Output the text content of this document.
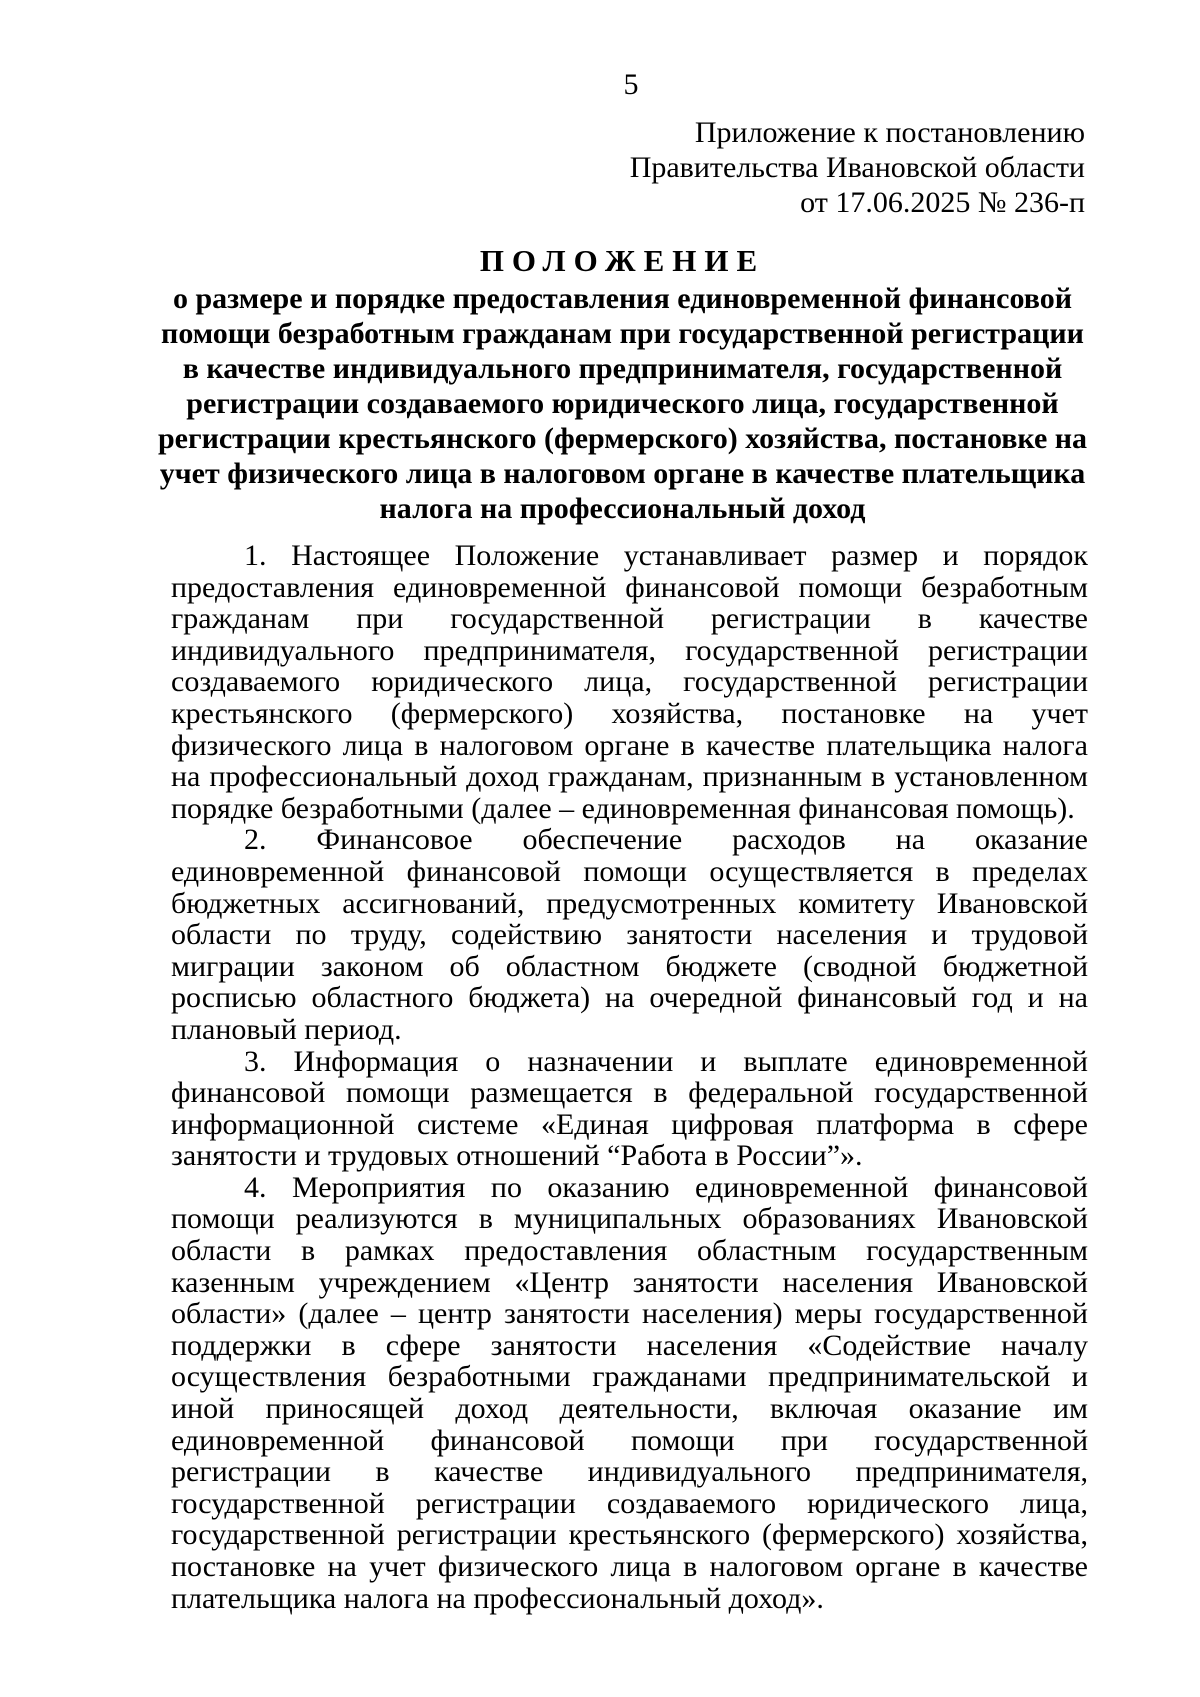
5
Приложение к постановлению
Правительства Ивановской области
от 17.06.2025 № 236-п
ПОЛОЖЕНИЕ
о размере и порядке предоставления единовременной финансовой помощи безработным гражданам при государственной регистрации в качестве индивидуального предпринимателя, государственной регистрации создаваемого юридического лица, государственной регистрации крестьянского (фермерского) хозяйства, постановке на учет физического лица в налоговом органе в качестве плательщика налога на профессиональный доход

1. Настоящее Положение устанавливает размер и порядок предоставления единовременной финансовой помощи безработным гражданам при государственной регистрации в качестве индивидуального предпринимателя, государственной регистрации создаваемого юридического лица, государственной регистрации крестьянского (фермерского) хозяйства, постановке на учет физического лица в налоговом органе в качестве плательщика налога на профессиональный доход гражданам, признанным в установленном порядке безработными (далее – единовременная финансовая помощь).

2. Финансовое обеспечение расходов на оказание единовременной финансовой помощи осуществляется в пределах бюджетных ассигнований, предусмотренных комитету Ивановской области по труду, содействию занятости населения и трудовой миграции законом об областном бюджете (сводной бюджетной росписью областного бюджета) на очередной финансовый год и на плановый период.

3. Информация о назначении и выплате единовременной финансовой помощи размещается в федеральной государственной информационной системе «Единая цифровая платформа в сфере занятости и трудовых отношений “Работа в России”».

4. Мероприятия по оказанию единовременной финансовой помощи реализуются в муниципальных образованиях Ивановской области в рамках предоставления областным государственным казенным учреждением «Центр занятости населения Ивановской области» (далее – центр занятости населения) меры государственной поддержки в сфере занятости населения «Содействие началу осуществления безработными гражданами предпринимательской и иной приносящей доход деятельности, включая оказание им единовременной финансовой помощи при государственной регистрации в качестве индивидуального предпринимателя, государственной регистрации создаваемого юридического лица, государственной регистрации крестьянского (фермерского) хозяйства, постановке на учет физического лица в налоговом органе в качестве плательщика налога на профессиональный доход».
